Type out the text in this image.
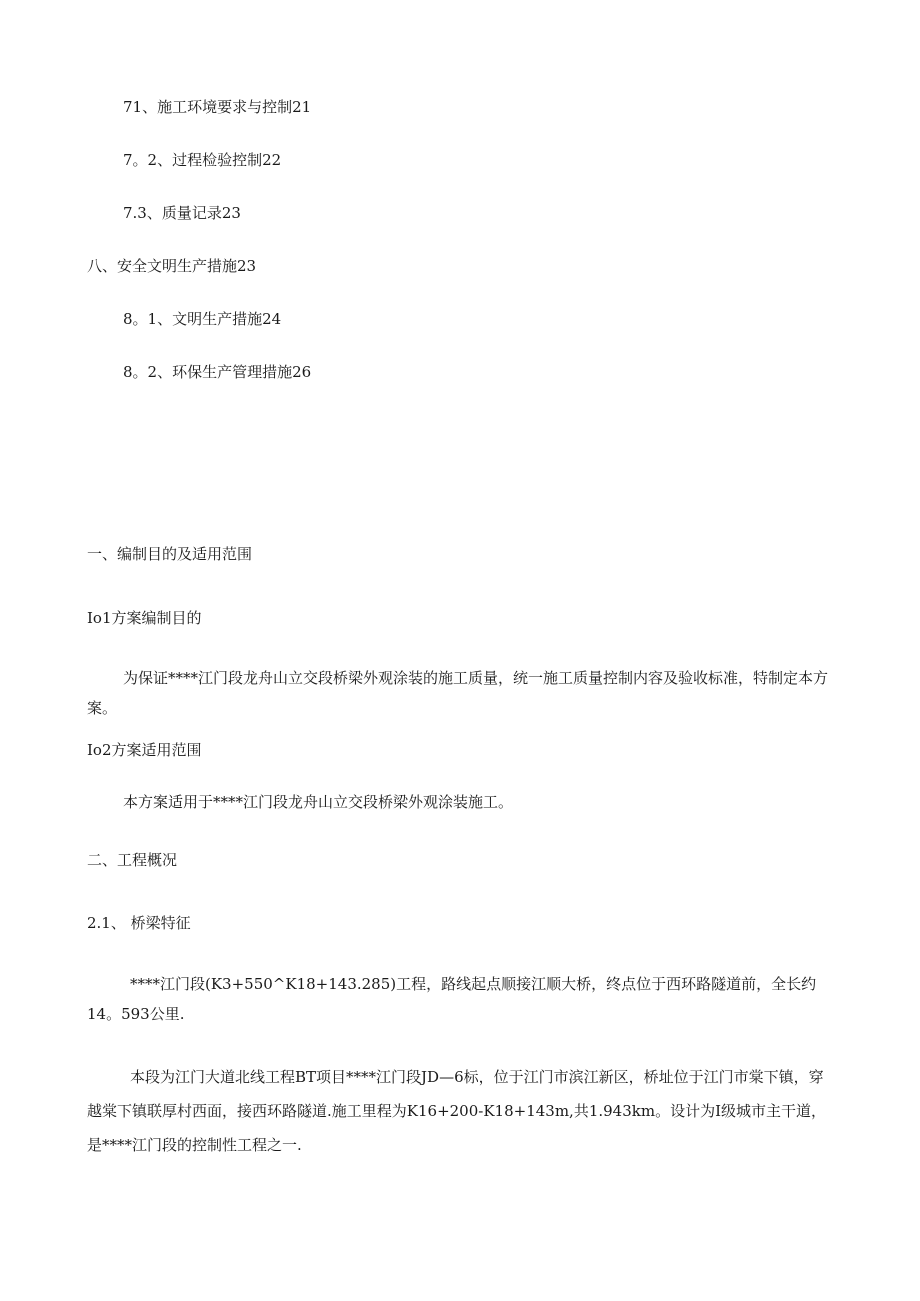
71、施工环境要求与控制21
7。2、过程检验控制22
7.3、质量记录23
八、安全文明生产措施23
8。1、文明生产措施24
8。2、环保生产管理措施26
一、编制目的及适用范围
Io1方案编制目的
为保证****江门段龙舟山立交段桥梁外观涂装的施工质量，统一施工质量控制内容及验收标准，特制定本方案。
Io2方案适用范围
本方案适用于****江门段龙舟山立交段桥梁外观涂装施工。
二、工程概况
2.1、 桥梁特征
****江门段(K3+550^K18+143.285)工程，路线起点顺接江顺大桥，终点位于西环路隧道前，全长约14。593公里.
本段为江门大道北线工程BT项目****江门段JD—6标，位于江门市滨江新区，桥址位于江门市棠下镇，穿越棠下镇联厚村西面，接西环路隧道.施工里程为K16+200-K18+143m,共1.943km。设计为I级城市主干道，是****江门段的控制性工程之一.
